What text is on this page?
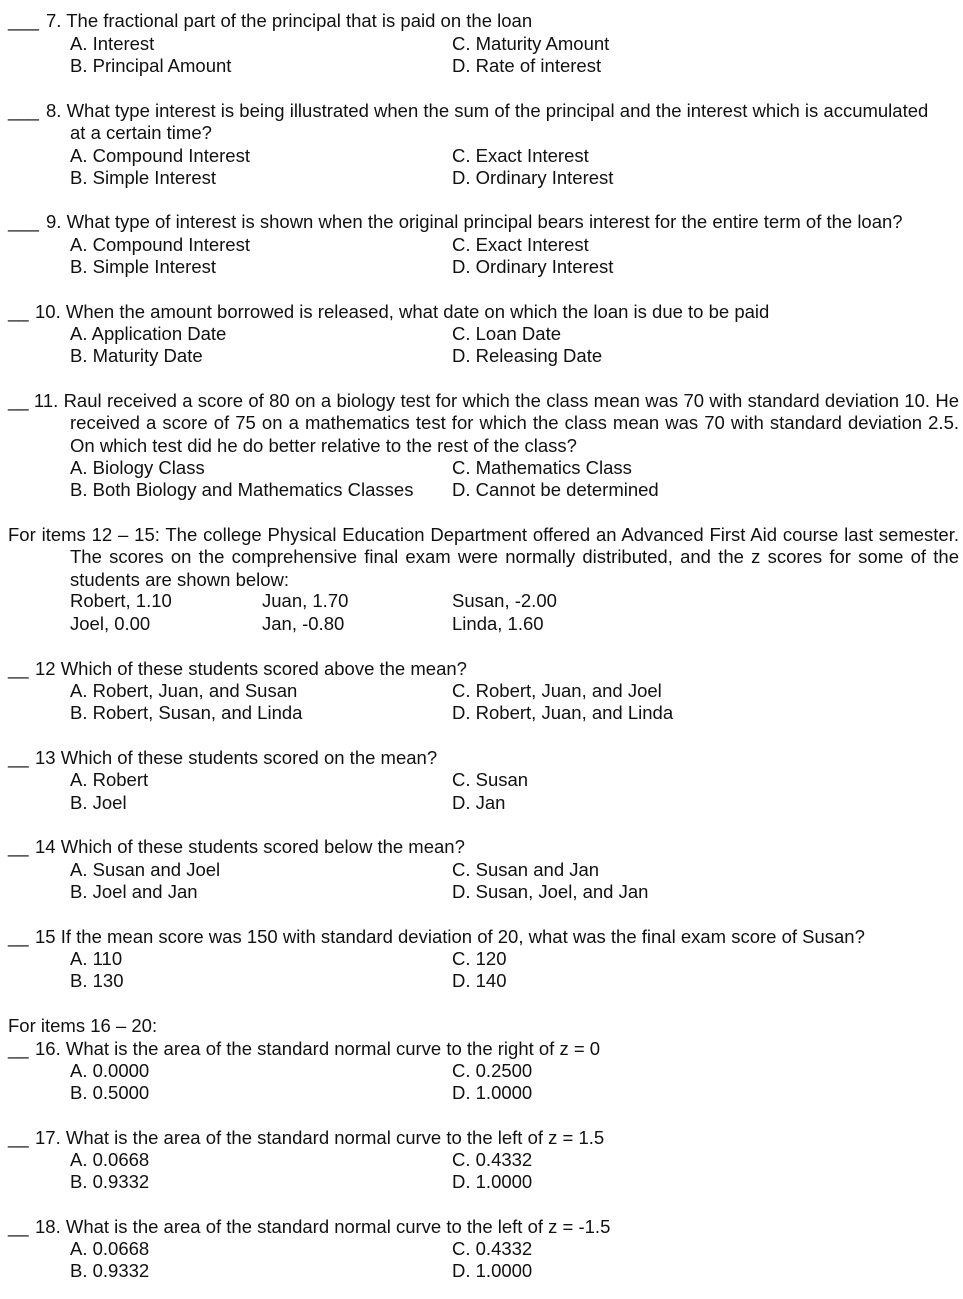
___ 7. The fractional part of the principal that is paid on the loan
A. Interest
B. Principal Amount
C. Maturity Amount
D. Rate of interest
___ 8. What type interest is being illustrated when the sum of the principal and the interest which is accumulated
at a certain time?
A. Compound Interest
B. Simple Interest
C. Exact Interest
D. Ordinary Interest
___ 9. What type of interest is shown when the original principal bears interest for the entire term of the loan?
A. Compound Interest
B. Simple Interest
C. Exact Interest
D. Ordinary Interest
__ 10. When the amount borrowed is released, what date on which the loan is due to be paid
A. Application Date
B. Maturity Date
C. Loan Date
D. Releasing Date
__ 11. Raul received a score of 80 on a biology test for which the class mean was 70 with standard deviation 10. He received a score of 75 on a mathematics test for which the class mean was 70 with standard deviation 2.5. On which test did he do better relative to the rest of the class?
A. Biology Class
B. Both Biology and Mathematics Classes
C. Mathematics Class
D. Cannot be determined
For items 12 – 15: The college Physical Education Department offered an Advanced First Aid course last semester. The scores on the comprehensive final exam were normally distributed, and the z scores for some of the students are shown below:
Robert, 1.10	Juan, 1.70	Susan, -2.00
Joel, 0.00	Jan, -0.80	Linda, 1.60
__ 12 Which of these students scored above the mean?
A. Robert, Juan, and Susan
B. Robert, Susan, and Linda
C. Robert, Juan, and Joel
D. Robert, Juan, and Linda
__ 13 Which of these students scored on the mean?
A. Robert
B. Joel
C. Susan
D. Jan
__ 14 Which of these students scored below the mean?
A. Susan and Joel
B. Joel and Jan
C. Susan and Jan
D. Susan, Joel, and Jan
__ 15 If the mean score was 150 with standard deviation of 20, what was the final exam score of Susan?
A. 110
B. 130
C. 120
D. 140
For items 16 – 20:
__ 16. What is the area of the standard normal curve to the right of z = 0
A. 0.0000
B. 0.5000
C. 0.2500
D. 1.0000
__ 17. What is the area of the standard normal curve to the left of z = 1.5
A. 0.0668
B. 0.9332
C. 0.4332
D. 1.0000
__ 18. What is the area of the standard normal curve to the left of z = -1.5
A. 0.0668
B. 0.9332
C. 0.4332
D. 1.0000
